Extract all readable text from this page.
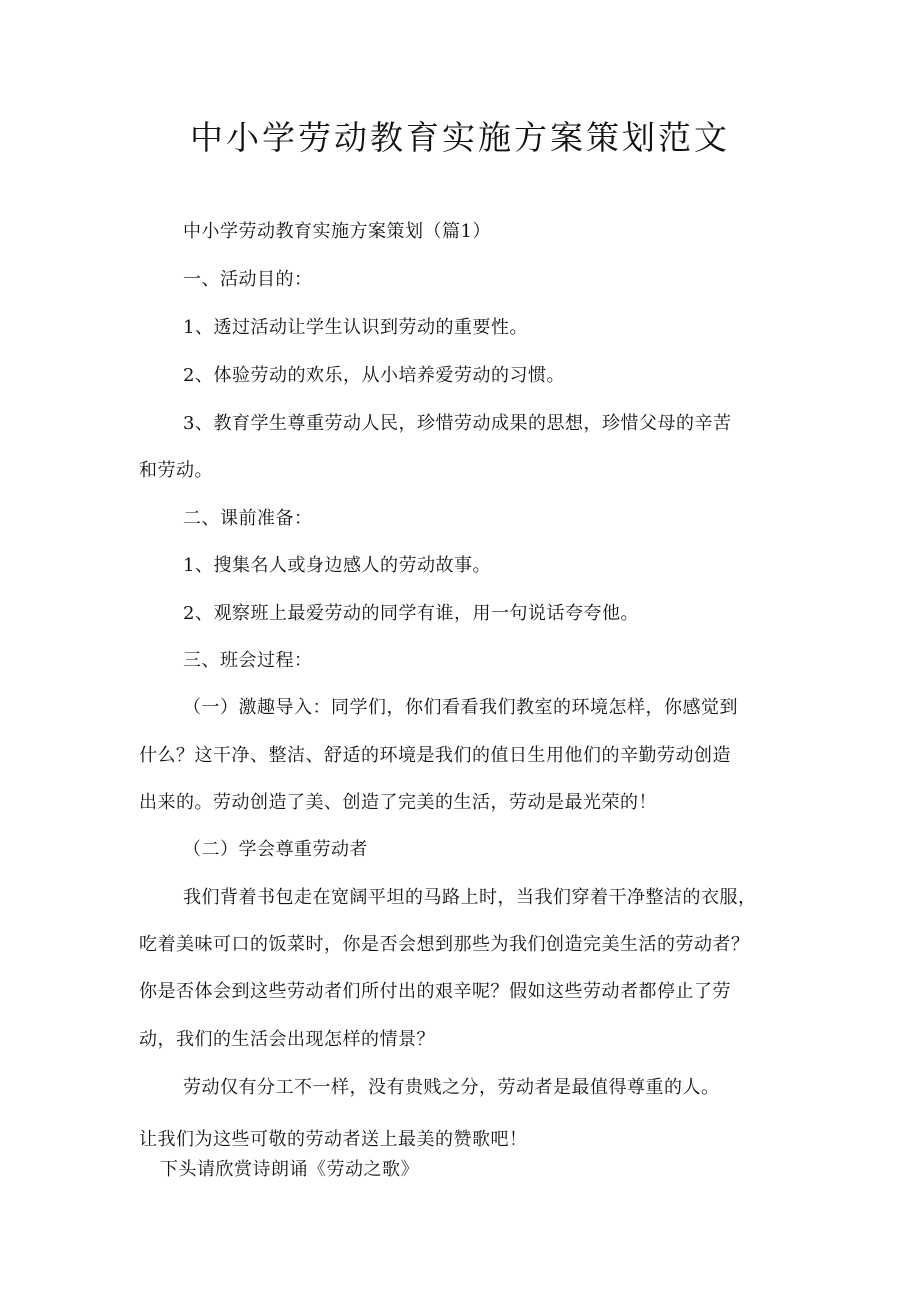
中小学劳动教育实施方案策划范文

中小学劳动教育实施方案策划（篇1）

一、活动目的：

1、透过活动让学生认识到劳动的重要性。

2、体验劳动的欢乐，从小培养爱劳动的习惯。

3、教育学生尊重劳动人民，珍惜劳动成果的思想，珍惜父母的辛苦

和劳动。

二、课前准备：

1、搜集名人或身边感人的劳动故事。

2、观察班上最爱劳动的同学有谁，用一句说话夸夸他。

三、班会过程：

（一）激趣导入：同学们，你们看看我们教室的环境怎样，你感觉到

什么？这干净、整洁、舒适的环境是我们的值日生用他们的辛勤劳动创造

出来的。劳动创造了美、创造了完美的生活，劳动是最光荣的！

（二）学会尊重劳动者

我们背着书包走在宽阔平坦的马路上时，当我们穿着干净整洁的衣服，

吃着美味可口的饭菜时，你是否会想到那些为我们创造完美生活的劳动者？

你是否体会到这些劳动者们所付出的艰辛呢？假如这些劳动者都停止了劳

动，我们的生活会出现怎样的情景？

劳动仅有分工不一样，没有贵贱之分，劳动者是最值得尊重的人。

让我们为这些可敬的劳动者送上最美的赞歌吧！

下头请欣赏诗朗诵《劳动之歌》
